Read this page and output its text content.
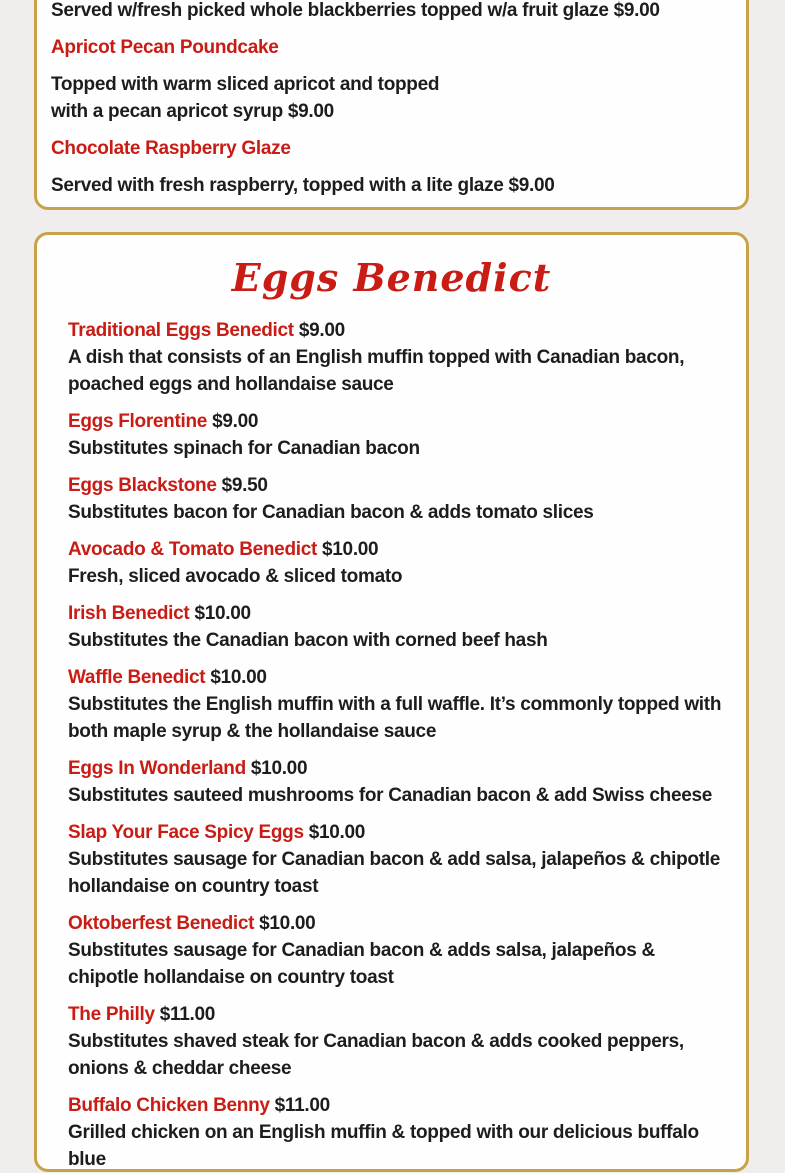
Served w/fresh picked whole blackberries topped w/a fruit glaze $9.00
Apricot Pecan Poundcake
Topped with warm sliced apricot and topped
with a pecan apricot syrup $9.00
Chocolate Raspberry Glaze
Served with fresh raspberry, topped with a lite glaze $9.00
Eggs Benedict
Traditional Eggs Benedict $9.00
A dish that consists of an English muffin topped with Canadian bacon, poached eggs and hollandaise sauce
Eggs Florentine $9.00
Substitutes spinach for Canadian bacon
Eggs Blackstone $9.50
Substitutes bacon for Canadian bacon & adds tomato slices
Avocado & Tomato Benedict $10.00
Fresh, sliced avocado & sliced tomato
Irish Benedict $10.00
Substitutes the Canadian bacon with corned beef hash
Waffle Benedict $10.00
Substitutes the English muffin with a full waffle. It’s commonly topped with both maple syrup & the hollandaise sauce
Eggs In Wonderland $10.00
Substitutes sauteed mushrooms for Canadian bacon & add Swiss cheese
Slap Your Face Spicy Eggs $10.00
Substitutes sausage for Canadian bacon & add salsa, jalapeños & chipotle hollandaise on country toast
Oktoberfest Benedict $10.00
Substitutes sausage for Canadian bacon & adds salsa, jalapeños & chipotle hollandaise on country toast
The Philly $11.00
Substitutes shaved steak for Canadian bacon & adds cooked peppers, onions & cheddar cheese
Buffalo Chicken Benny $11.00
Grilled chicken on an English muffin & topped with our delicious buffalo blue
